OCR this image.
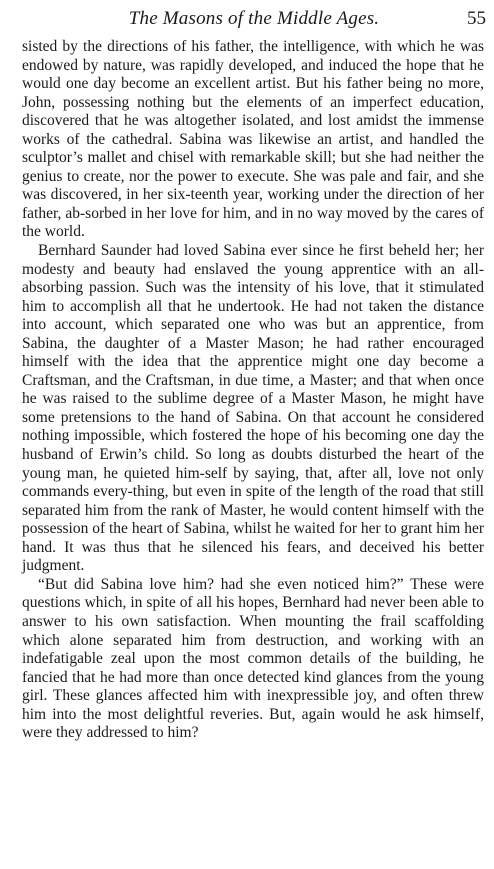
The Masons of the Middle Ages.	55

sisted by the directions of his father, the intelligence, with which he was endowed by nature, was rapidly developed, and induced the hope that he would one day become an excellent artist. But his father being no more, John, possessing nothing but the elements of an imperfect education, discovered that he was altogether isolated, and lost amidst the immense works of the cathedral. Sabina was likewise an artist, and handled the sculptor’s mallet and chisel with remarkable skill; but she had neither the genius to create, nor the power to execute. She was pale and fair, and she was discovered, in her six-teenth year, working under the direction of her father, ab-sorbed in her love for him, and in no way moved by the cares of the world.

Bernhard Saunder had loved Sabina ever since he first beheld her; her modesty and beauty had enslaved the young apprentice with an all-absorbing passion. Such was the intensity of his love, that it stimulated him to accomplish all that he undertook. He had not taken the distance into account, which separated one who was but an apprentice, from Sabina, the daughter of a Master Mason; he had rather encouraged himself with the idea that the apprentice might one day become a Craftsman, and the Craftsman, in due time, a Master; and that when once he was raised to the sublime degree of a Master Mason, he might have some pretensions to the hand of Sabina. On that account he considered nothing impossible, which fostered the hope of his becoming one day the husband of Erwin’s child. So long as doubts disturbed the heart of the young man, he quieted him-self by saying, that, after all, love not only commands every-thing, but even in spite of the length of the road that still separated him from the rank of Master, he would content himself with the possession of the heart of Sabina, whilst he waited for her to grant him her hand. It was thus that he silenced his fears, and deceived his better judgment.

“But did Sabina love him? had she even noticed him?” These were questions which, in spite of all his hopes, Bernhard had never been able to answer to his own satisfaction. When mounting the frail scaffolding which alone separated him from destruction, and working with an indefatigable zeal upon the most common details of the building, he fancied that he had more than once detected kind glances from the young girl. These glances affected him with inexpressible joy, and often threw him into the most delightful reveries. But, again would he ask himself, were they addressed to him?
